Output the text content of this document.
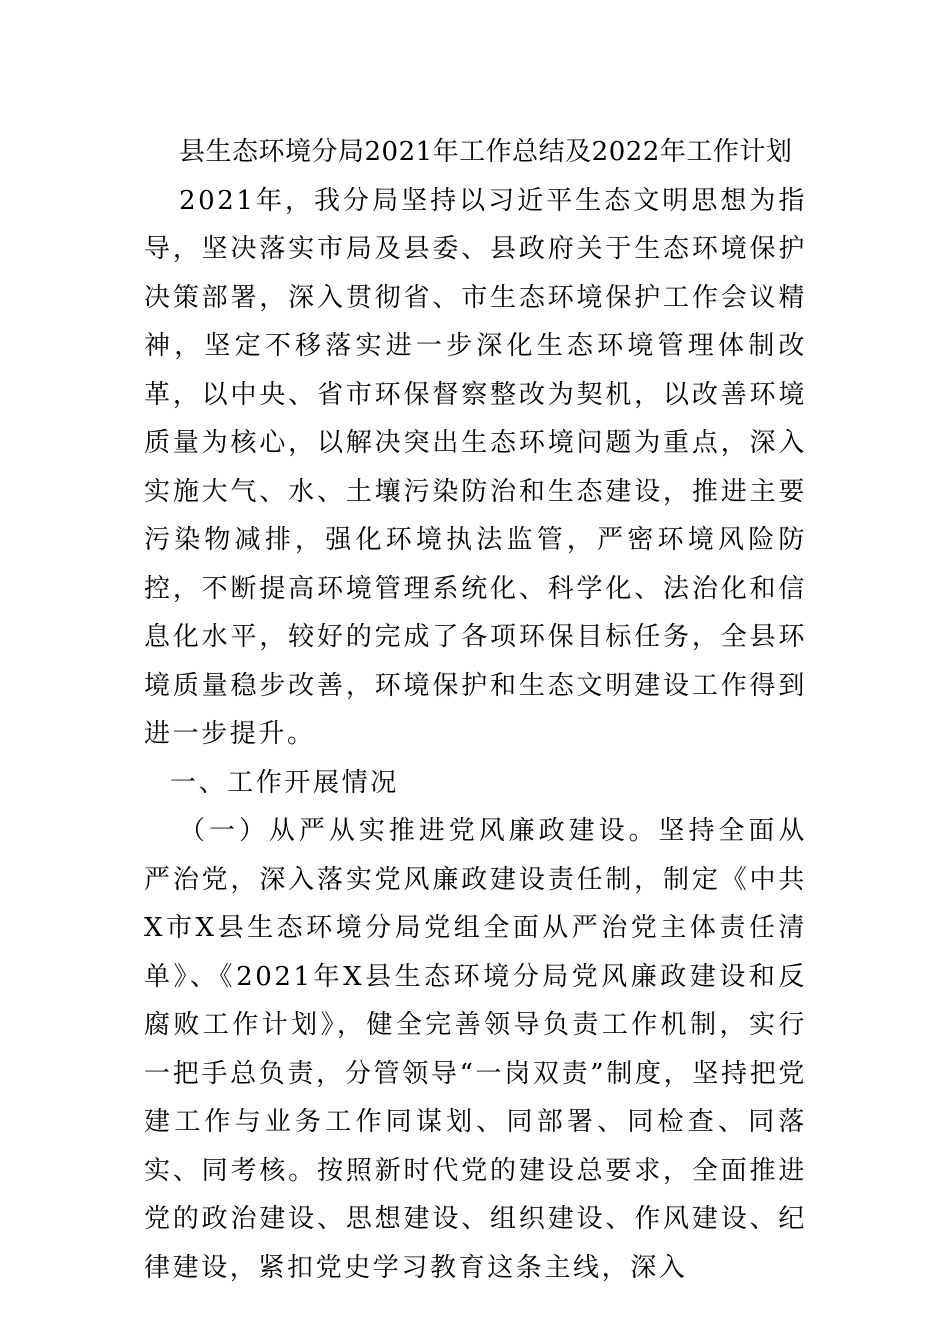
县生态环境分局2021年工作总结及2022年工作计划

2021年，我分局坚持以习近平生态文明思想为指导，坚决落实市局及县委、县政府关于生态环境保护决策部署，深入贯彻省、市生态环境保护工作会议精神，坚定不移落实进一步深化生态环境管理体制改革，以中央、省市环保督察整改为契机，以改善环境质量为核心，以解决突出生态环境问题为重点，深入实施大气、水、土壤污染防治和生态建设，推进主要污染物减排，强化环境执法监管，严密环境风险防控，不断提高环境管理系统化、科学化、法治化和信息化水平，较好的完成了各项环保目标任务，全县环境质量稳步改善，环境保护和生态文明建设工作得到进一步提升。

一、工作开展情况

（一）从严从实推进党风廉政建设。坚持全面从严治党，深入落实党风廉政建设责任制，制定《中共X市X县生态环境分局党组全面从严治党主体责任清单》、《2021年X县生态环境分局党风廉政建设和反腐败工作计划》，健全完善领导负责工作机制，实行一把手总负责，分管领导“一岗双责”制度，坚持把党建工作与业务工作同谋划、同部署、同检查、同落实、同考核。按照新时代党的建设总要求，全面推进党的政治建设、思想建设、组织建设、作风建设、纪律建设，紧扣党史学习教育这条主线，深入
